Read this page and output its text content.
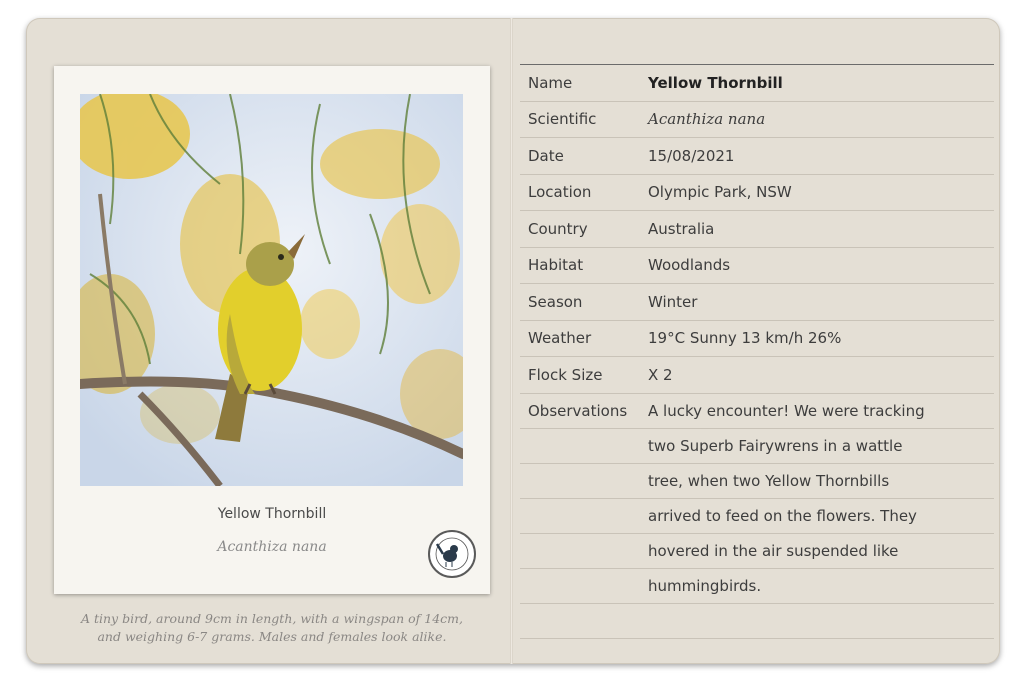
Yellow Thornbill
Acanthiza nana
A tiny bird, around 9cm in length, with a wingspan of 14cm,
and weighing 6-7 grams. Males and females look alike.
Name	Yellow Thornbill
Scientific	Acanthiza nana
Date	15/08/2021
Location	Olympic Park, NSW
Country	Australia
Habitat	Woodlands
Season	Winter
Weather	19°C Sunny 13 km/h 26%
Flock Size	X 2
Observations	A lucky encounter! We were tracking
two Superb Fairywrens in a wattle
tree, when two Yellow Thornbills
arrived to feed on the flowers. They
hovered in the air suspended like
hummingbirds.
